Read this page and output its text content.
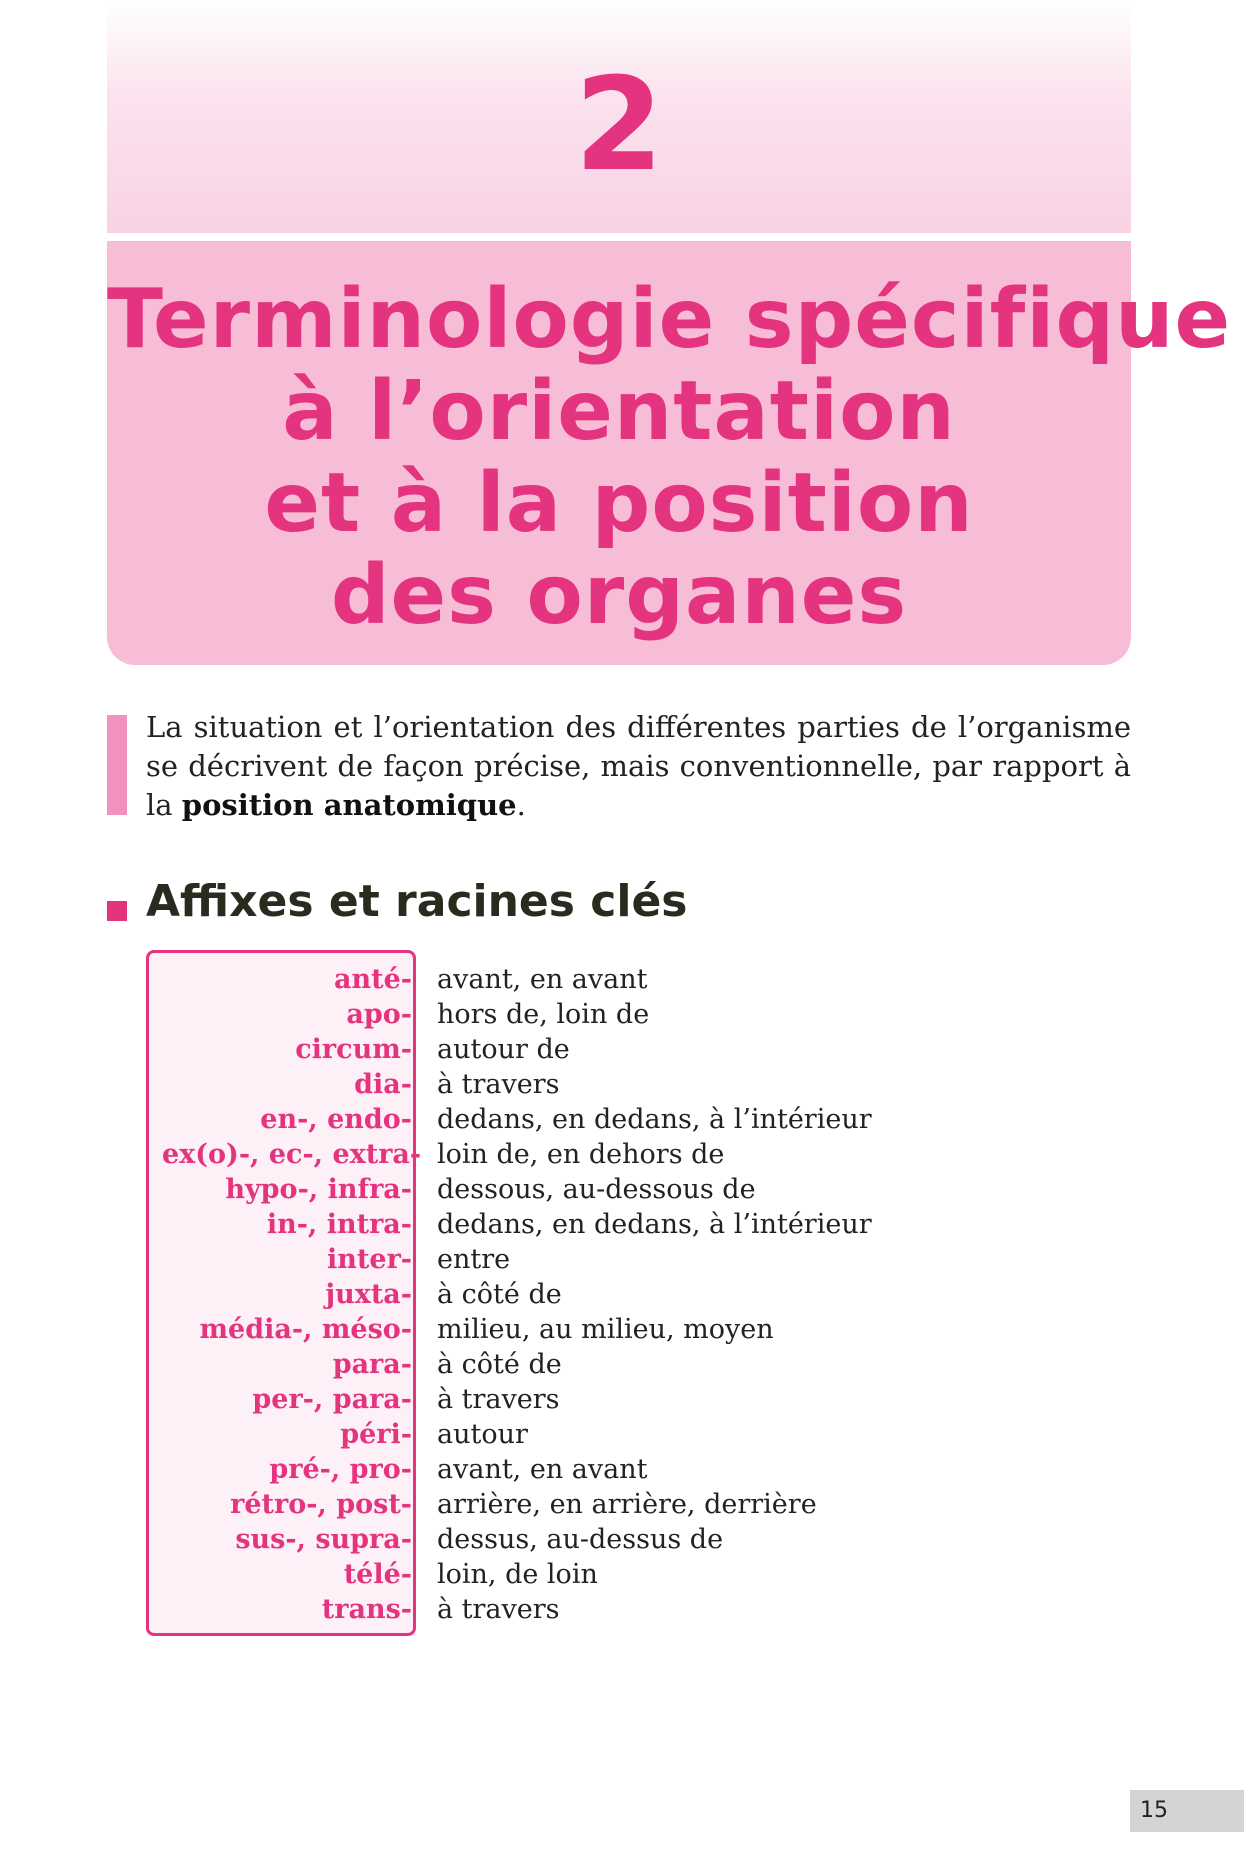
2
Terminologie spécifique
à l’orientation
et à la position
des organes

La situation et l’orientation des différentes parties de l’organisme se décrivent de façon précise, mais conventionnelle, par rapport à la position anatomique.

Affixes et racines clés
anté- avant, en avant
apo- hors de, loin de
circum- autour de
dia- à travers
en-, endo- dedans, en dedans, à l’intérieur
ex(o)-, ec-, extra- loin de, en dehors de
hypo-, infra- dessous, au-dessous de
in-, intra- dedans, en dedans, à l’intérieur
inter- entre
juxta- à côté de
média-, méso- milieu, au milieu, moyen
para- à côté de
per-, para- à travers
péri- autour
pré-, pro- avant, en avant
rétro-, post- arrière, en arrière, derrière
sus-, supra- dessus, au-dessus de
télé- loin, de loin
trans- à travers
15
